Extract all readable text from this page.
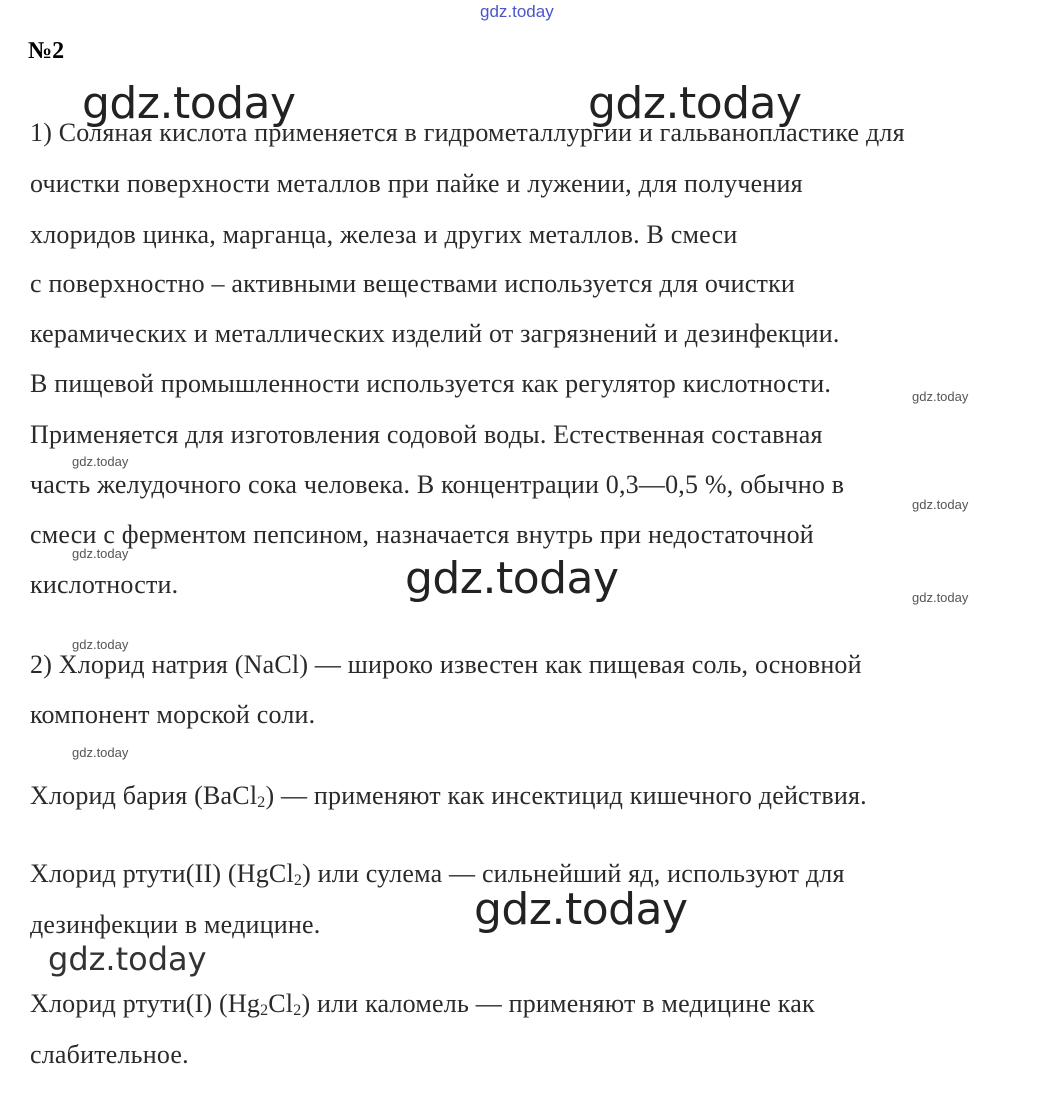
gdz.today
№2
gdz.today	gdz.today
gdz.today
gdz.today
gdz.today
gdz.today
gdz.today
gdz.today
gdz.today
gdz.today
gdz.today
gdz.today
1) Соляная кислота применяется в гидрометаллургии и гальванопластике для
очистки поверхности металлов при пайке и лужении, для получения
хлоридов цинка, марганца, железа и других металлов. В смеси
с поверхностно – активными веществами используется для очистки
керамических и металлических изделий от загрязнений и дезинфекции.
В пищевой промышленности используется как регулятор кислотности.
Применяется для изготовления содовой воды. Естественная составная
часть желудочного сока человека. В концентрации 0,3—0,5 %, обычно в
смеси с ферментом пепсином, назначается внутрь при недостаточной
кислотности.
2) Хлорид натрия (NaCl) — широко известен как пищевая соль, основной
компонент морской соли.
Хлорид бария (BaCl$_2$) — применяют как инсектицид кишечного действия.
Хлорид ртути(II) (HgCl$_2$) или сулема — сильнейший яд, используют для
дезинфекции в медицине.
Хлорид ртути(I) $(Hg_2Cl_2)$ или каломель — применяют в медицине как
слабительное.
